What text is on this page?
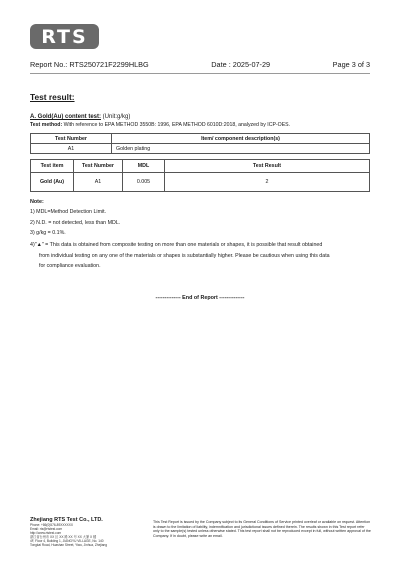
RTS
Report No.: RTS250721F2299HLBG	Date : 2025-07-29	Page 3 of 3
Test result:
A. Gold(Au) content test: (Unit:g/kg)
Test method: With reference to EPA METHOD 3550B: 1996, EPA METHOD 6010D:2018, analyzed by ICP-OES.
Test Number	Item/ component description(s)
A1	Golden plating
Test item	Test Number	MDL	Test Result
Gold (Au)	A1	0.005	2
Note:
1) MDL=Method Detection Limit.
2) N.D. = not detected, less than MDL.
3) g/kg = 0.1%.
4)"▲" = This data is obtained from composite testing on more than one materials or shapes, it is possible that result obtained
from individual testing on any one of the materials or shapes is substantially higher. Please be cautious when using this data
for compliance evaluation.
-------------- End of Report --------------
Zhejiang RTS Test Co., LTD.
Phone: +86(0)576-89XXXXXX
Email: rts@rtstest.com
http://www.rtstest.com
浙江省台州市 XX 区 XX 路 XX 号 XX 大厦 X 楼
4F, Floor 4, Building 1, JIANGYU VILLAGE, No. 140
Tongkai Road, Huashan Street, Yiwu, Jinhua, Zhejiang
This Test Report is issued by the Company subject to its General Conditions of Service printed overleaf or available on request. Attention is drawn to the limitation of liability, indemnification and jurisdictional issues defined therein. The results shown in this Test report refer only to the sample(s) tested unless otherwise stated. This test report shall not be reproduced except in full, without written approval of the Company. If in doubt, please write an email.
